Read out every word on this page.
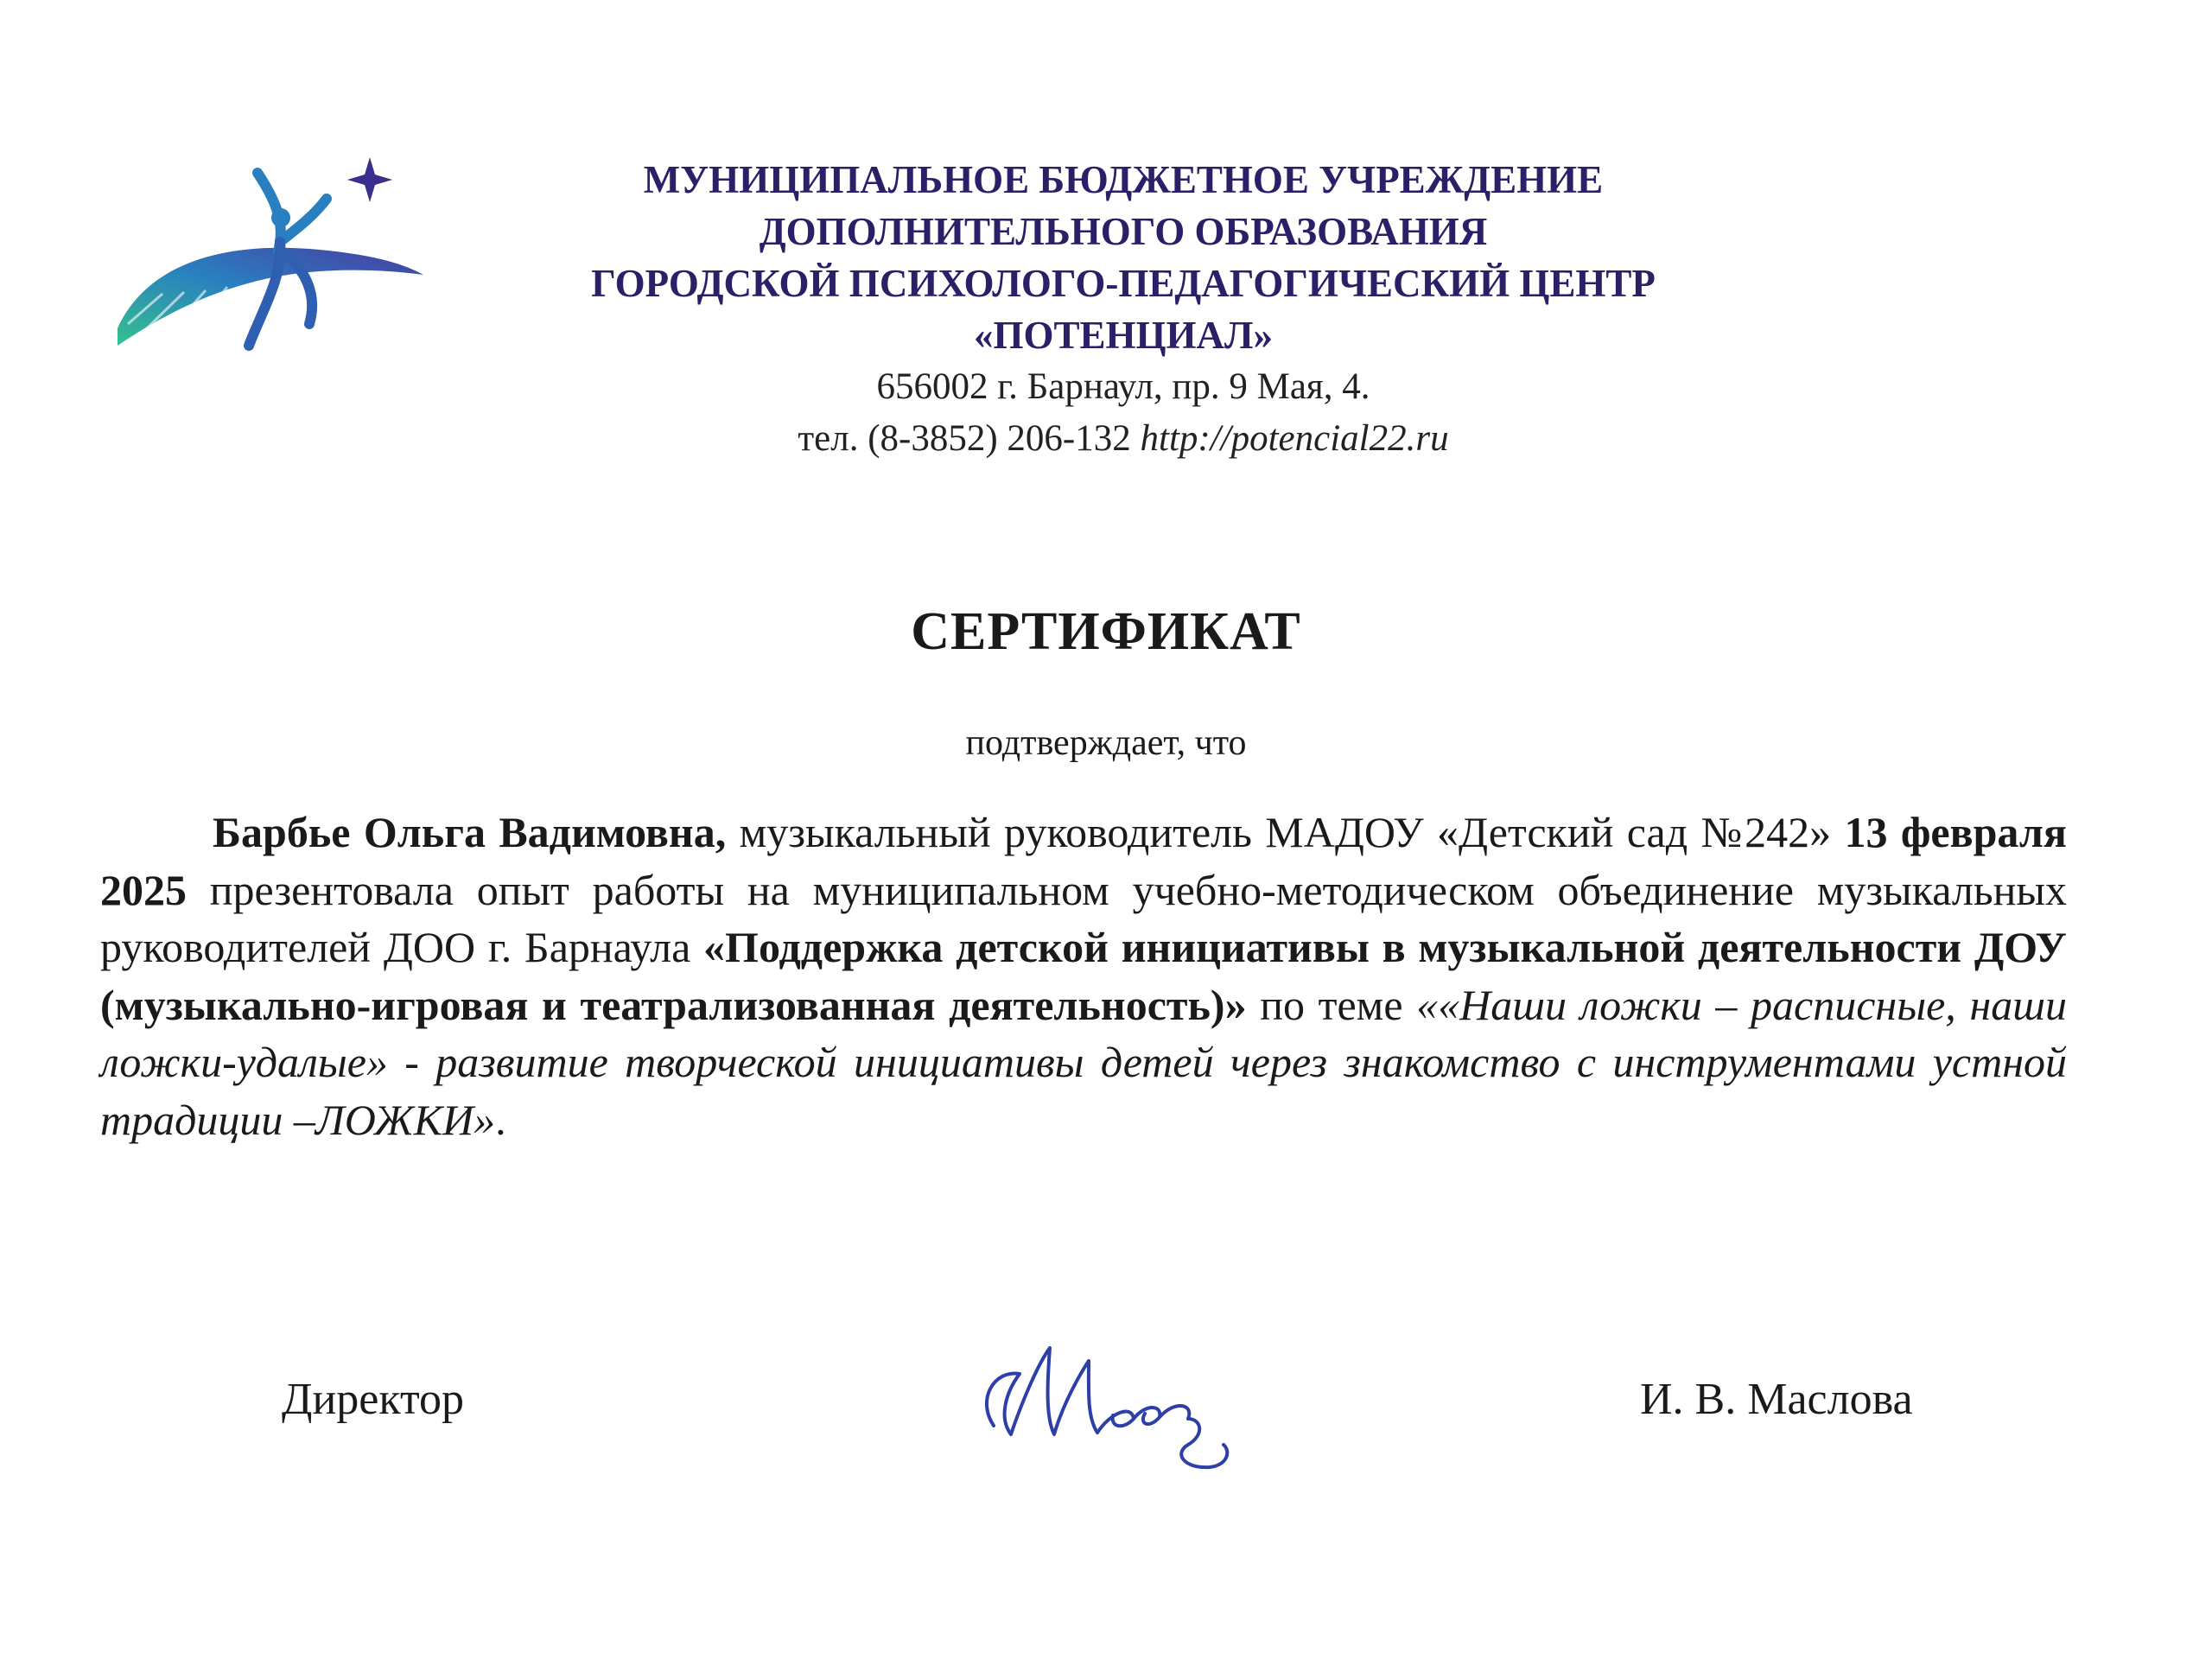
МУНИЦИПАЛЬНОЕ БЮДЖЕТНОЕ УЧРЕЖДЕНИЕ
ДОПОЛНИТЕЛЬНОГО ОБРАЗОВАНИЯ
ГОРОДСКОЙ ПСИХОЛОГО-ПЕДАГОГИЧЕСКИЙ ЦЕНТР
«ПОТЕНЦИАЛ»
656002 г. Барнаул, пр. 9 Мая, 4.
тел. (8-3852) 206-132 http://potencial22.ru
СЕРТИФИКАТ
подтверждает, что

Барбье Ольга Вадимовна, музыкальный руководитель МАДОУ «Детский сад №242» 13 февраля 2025 презентовала опыт работы на муниципальном учебно-методическом объединение музыкальных руководителей ДОО г. Барнаула «Поддержка детской инициативы в музыкальной деятельности ДОУ (музыкально-игровая и театрализованная деятельность)» по теме ««Наши ложки – расписные, наши ложки-удалые» - развитие творческой инициативы детей через знакомство с инструментами устной традиции –ЛОЖКИ».

Директор	И. В. Маслова
